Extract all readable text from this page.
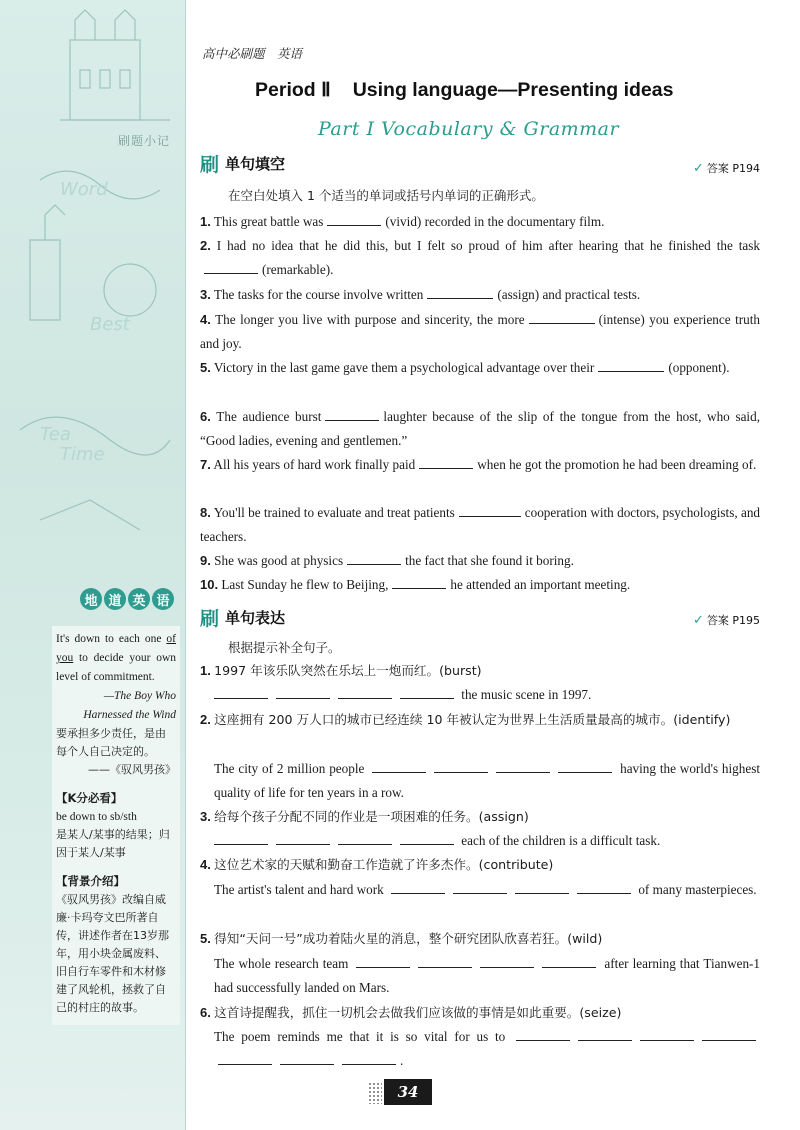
Word
Best
Tea
Time
刷题小记
地 道 英 语
It's down to each one of you to decide your own level of commitment.
—The Boy Who Harnessed the Wind
要承担多少责任，是由每个人自己决定的。
——《驭风男孩》
【K分必看】
be down to sb/sth
是某人/某事的结果；归因于某人/某事
【背景介绍】
《驭风男孩》改编自威廉·卡玛夸文巴所著自传，讲述作者在13岁那年，用小块金属废料、旧自行车零件和木材修建了风轮机，拯救了自己的村庄的故事。
高中必刷题　英语
Period Ⅱ Using language—Presenting ideas
Part Ⅰ Vocabulary & Grammar
刷 单句填空	✓ 答案 P194
在空白处填入 1 个适当的单词或括号内单词的正确形式。
1. This great battle was	(vivid) recorded in the documentary film.
2. I had no idea that he did this, but I felt so proud of him after hearing that he finished the task(remarkable).
3. The tasks for the course involve written	(assign) and practical tests.
4. The longer you live with purpose and sincerity, the more	(intense) you experience truth and joy.
5. Victory in the last game gave them a psychological advantage over their	(opponent).
6. The audience burst	laughter because of the slip of the tongue from the host, who said, “Good ladies, evening and gentlemen.”
7. All his years of hard work finally paid	when he got the promotion he had been dreaming of.
8. You'll be trained to evaluate and treat patients	cooperation with doctors, psychologists, and teachers.
9. She was good at physics	the fact that she found it boring.
10. Last Sunday he flew to Beijing,	he attended an important meeting.
刷 单句表达	✓ 答案 P195
根据提示补全句子。
1. 1997 年该乐队突然在乐坛上一炮而红。(burst)
the music scene in 1997.
2. 这座拥有 200 万人口的城市已经连续 10 年被认定为世界上生活质量最高的城市。(identify)
The city of 2 million people	having the world's highest quality of life for ten years in a row.
3. 给每个孩子分配不同的作业是一项困难的任务。(assign)
each of the children is a difficult task.
4. 这位艺术家的天赋和勤奋工作造就了许多杰作。(contribute)
The artist's talent and hard work	of many masterpieces.
5. 得知“天问一号”成功着陆火星的消息，整个研究团队欣喜若狂。(wild)
The whole research team	after learning that Tianwen-1 had successfully landed on Mars.
6. 这首诗提醒我，抓住一切机会去做我们应该做的事情是如此重要。(seize)
The poem reminds me that it is so vital for us to .
34
